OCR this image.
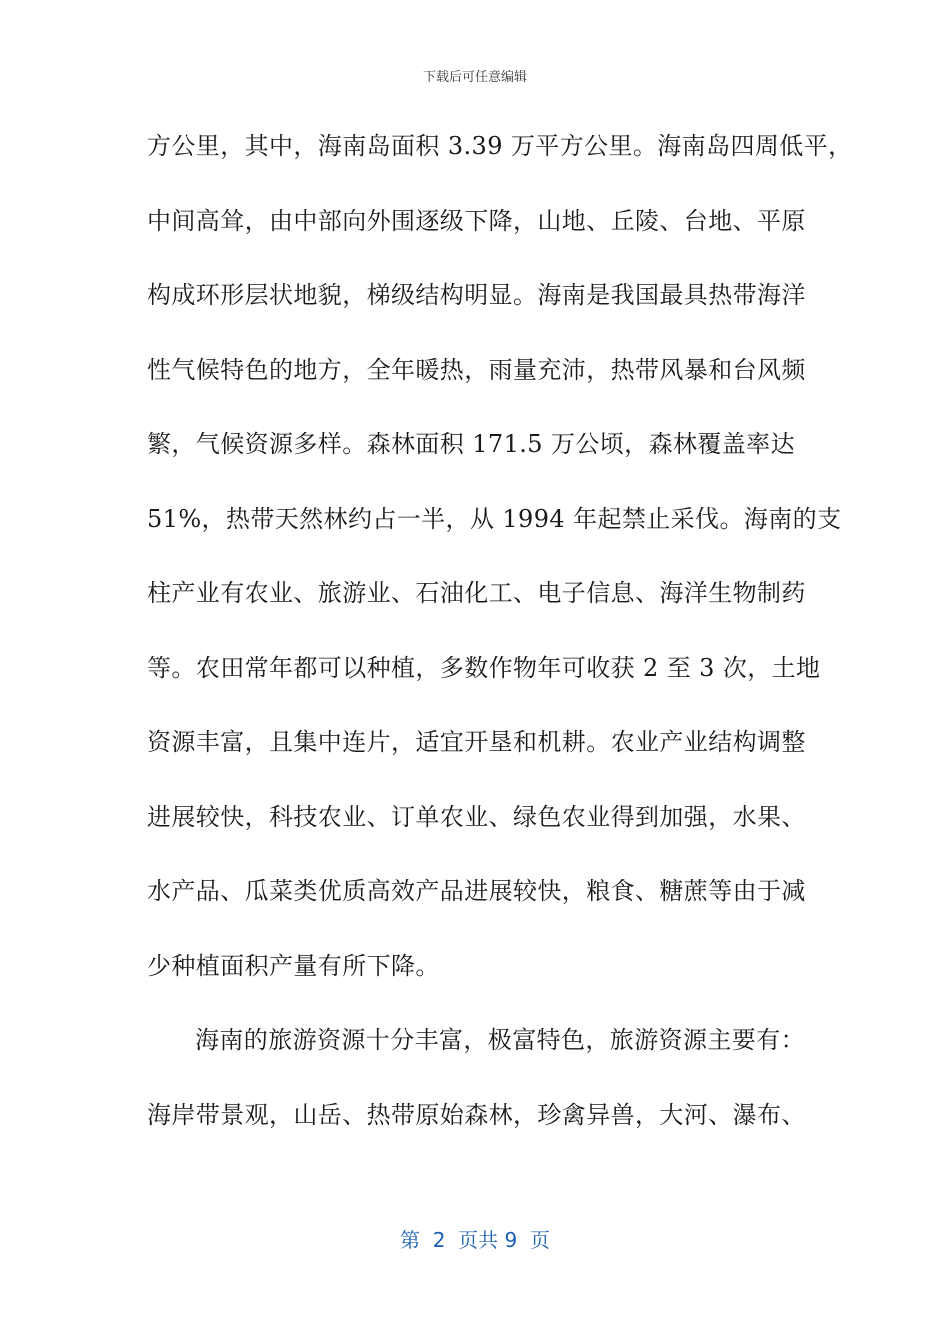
下载后可任意编辑
方公里，其中，海南岛面积 3.39 万平方公里。海南岛四周低平，
中间高耸，由中部向外围逐级下降，山地、丘陵、台地、平原
构成环形层状地貌，梯级结构明显。海南是我国最具热带海洋
性气候特色的地方，全年暖热，雨量充沛，热带风暴和台风频
繁，气候资源多样。森林面积 171.5 万公顷，森林覆盖率达
51%，热带天然林约占一半，从 1994 年起禁止采伐。海南的支
柱产业有农业、旅游业、石油化工、电子信息、海洋生物制药
等。农田常年都可以种植，多数作物年可收获 2 至 3 次，土地
资源丰富，且集中连片，适宜开垦和机耕。农业产业结构调整
进展较快，科技农业、订单农业、绿色农业得到加强，水果、
水产品、瓜菜类优质高效产品进展较快，粮食、糖蔗等由于减
少种植面积产量有所下降。
海南的旅游资源十分丰富，极富特色，旅游资源主要有：
海岸带景观，山岳、热带原始森林，珍禽异兽，大河、瀑布、
第  2  页共 9  页
